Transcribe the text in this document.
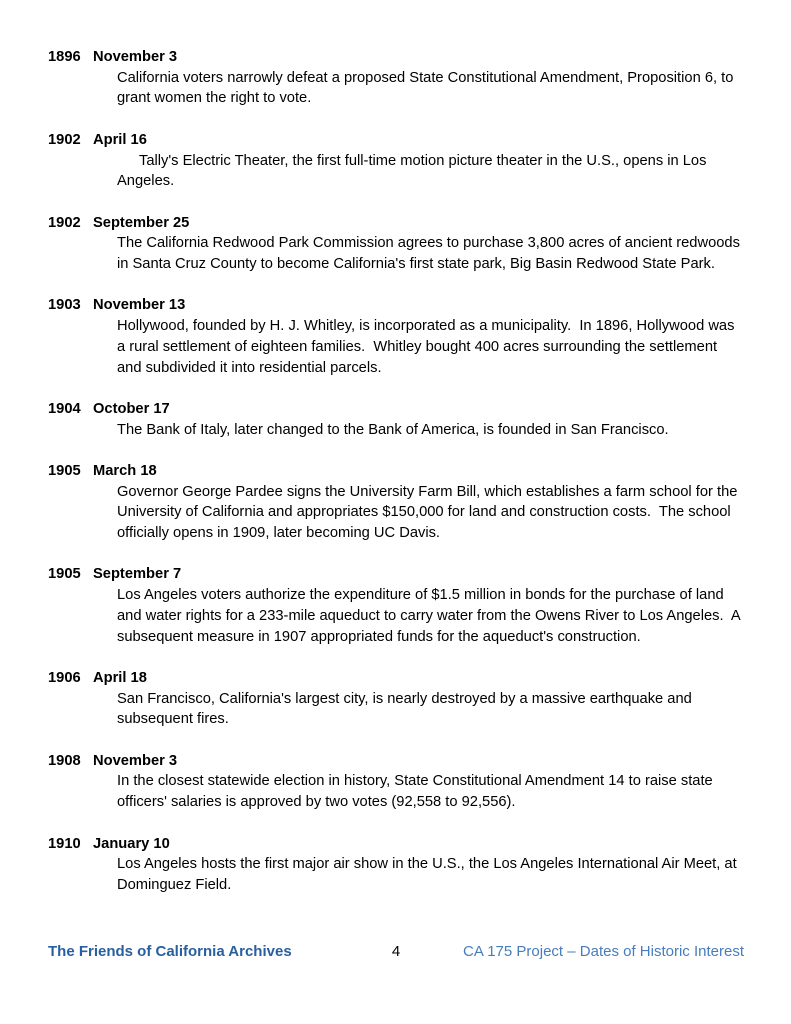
1896 November 3
California voters narrowly defeat a proposed State Constitutional Amendment, Proposition 6, to grant women the right to vote.
1902 April 16
Tally's Electric Theater, the first full-time motion picture theater in the U.S., opens in Los Angeles.
1902 September 25
The California Redwood Park Commission agrees to purchase 3,800 acres of ancient redwoods in Santa Cruz County to become California's first state park, Big Basin Redwood State Park.
1903 November 13
Hollywood, founded by H. J. Whitley, is incorporated as a municipality.  In 1896, Hollywood was a rural settlement of eighteen families.  Whitley bought 400 acres surrounding the settlement and subdivided it into residential parcels.
1904 October 17
The Bank of Italy, later changed to the Bank of America, is founded in San Francisco.
1905 March 18
Governor George Pardee signs the University Farm Bill, which establishes a farm school for the University of California and appropriates $150,000 for land and construction costs.  The school officially opens in 1909, later becoming UC Davis.
1905 September 7
Los Angeles voters authorize the expenditure of $1.5 million in bonds for the purchase of land and water rights for a 233-mile aqueduct to carry water from the Owens River to Los Angeles.  A subsequent measure in 1907 appropriated funds for the aqueduct's construction.
1906 April 18
San Francisco, California's largest city, is nearly destroyed by a massive earthquake and subsequent fires.
1908 November 3
In the closest statewide election in history, State Constitutional Amendment 14 to raise state officers' salaries is approved by two votes (92,558 to 92,556).
1910 January 10
Los Angeles hosts the first major air show in the U.S., the Los Angeles International Air Meet, at Dominguez Field.
The Friends of California Archives	4	CA 175 Project – Dates of Historic Interest
